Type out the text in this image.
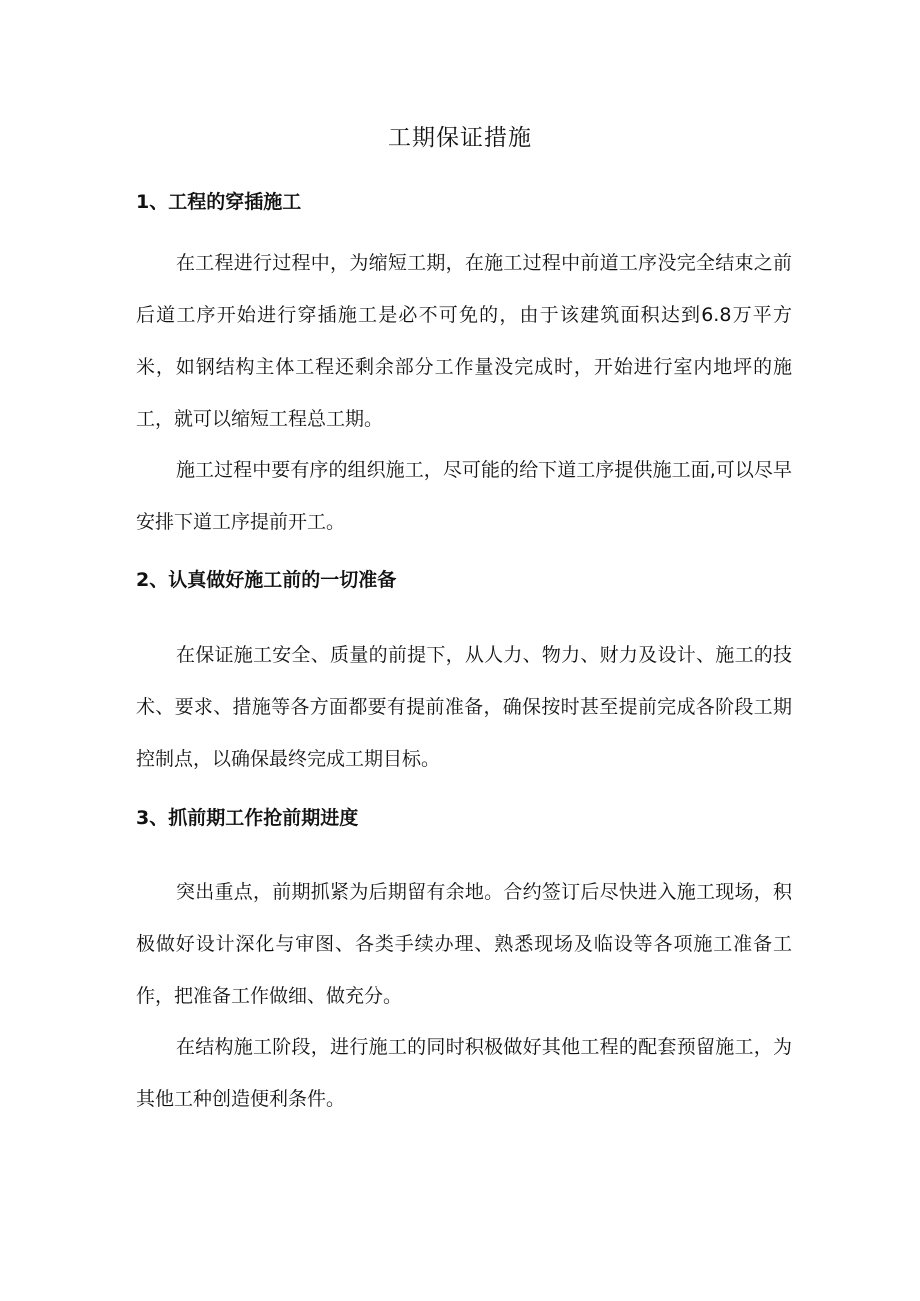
工期保证措施
1、工程的穿插施工

在工程进行过程中，为缩短工期，在施工过程中前道工序没完全结束之前后道工序开始进行穿插施工是必不可免的，由于该建筑面积达到6.8万平方米，如钢结构主体工程还剩余部分工作量没完成时，开始进行室内地坪的施工，就可以缩短工程总工期。

施工过程中要有序的组织施工，尽可能的给下道工序提供施工面,可以尽早安排下道工序提前开工。

2、认真做好施工前的一切准备

在保证施工安全、质量的前提下，从人力、物力、财力及设计、施工的技术、要求、措施等各方面都要有提前准备，确保按时甚至提前完成各阶段工期控制点，以确保最终完成工期目标。

3、抓前期工作抢前期进度

突出重点，前期抓紧为后期留有余地。合约签订后尽快进入施工现场，积极做好设计深化与审图、各类手续办理、熟悉现场及临设等各项施工准备工作，把准备工作做细、做充分。

在结构施工阶段，进行施工的同时积极做好其他工程的配套预留施工，为其他工种创造便利条件。
